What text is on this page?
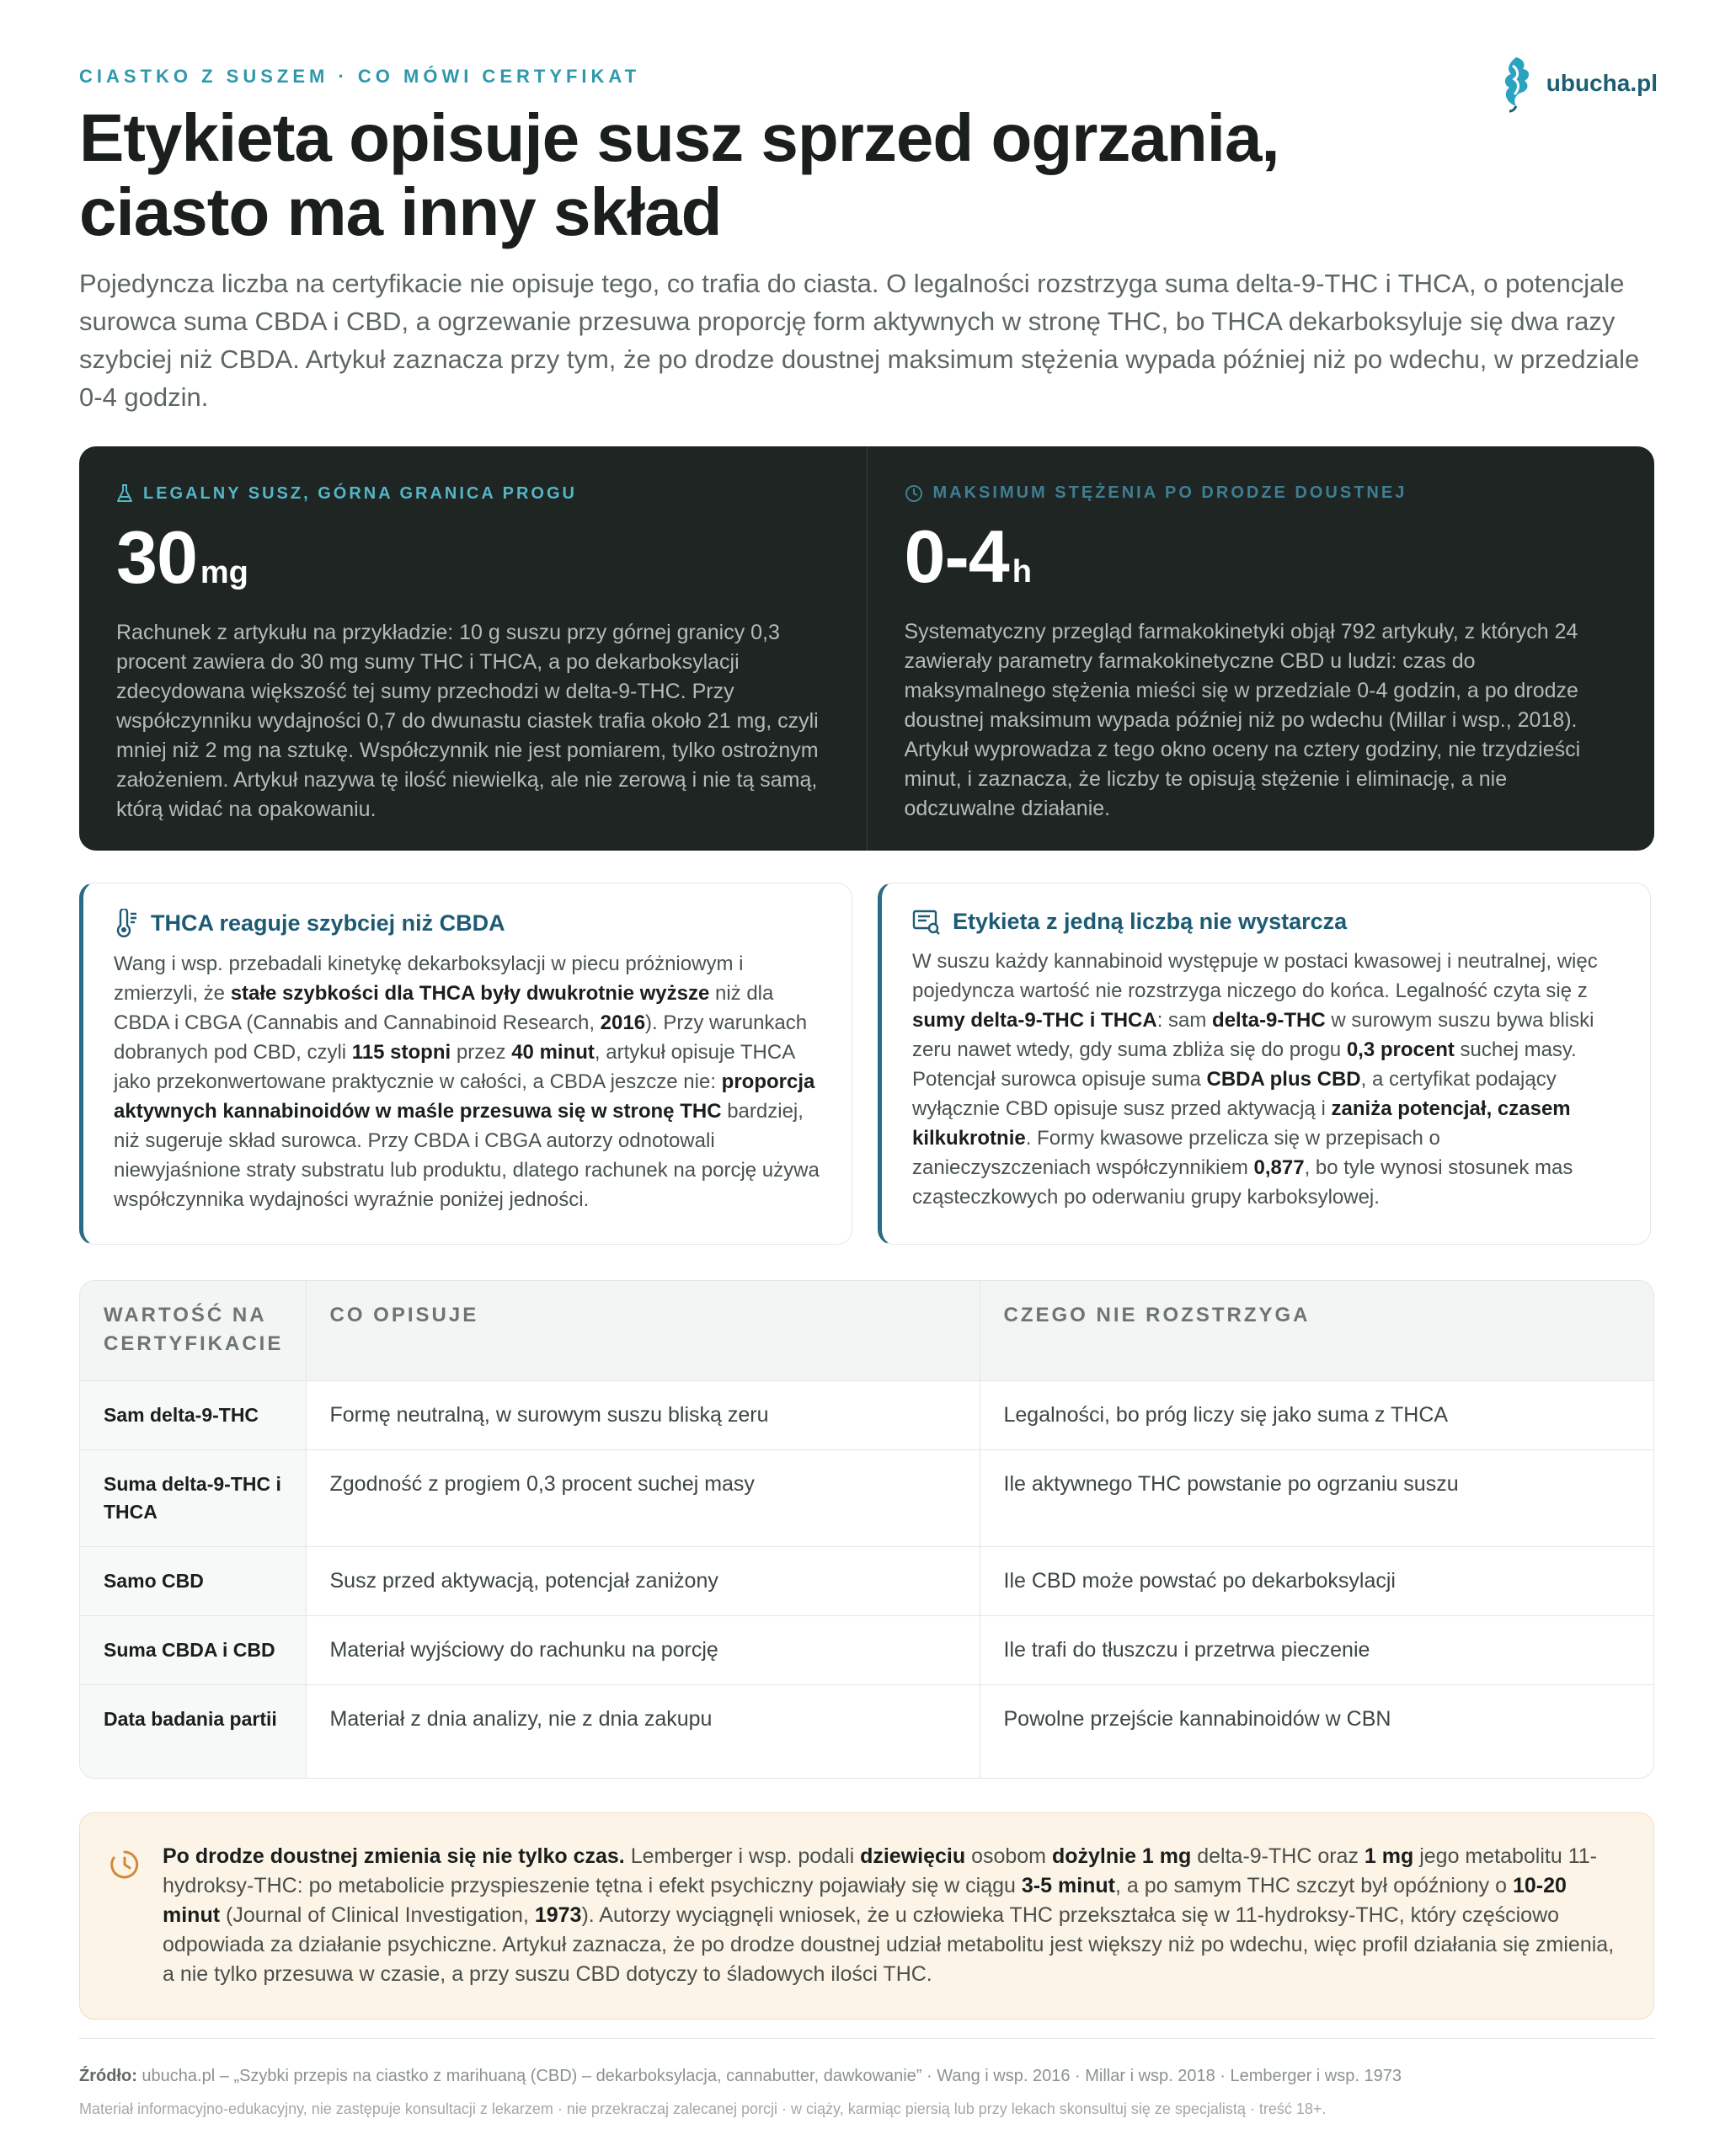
CIASTKO Z SUSZEM · CO MÓWI CERTYFIKAT	ubucha.pl
Etykieta opisuje susz sprzed ogrzania,
ciasto ma inny skład

Pojedyncza liczba na certyfikacie nie opisuje tego, co trafia do ciasta. O legalności rozstrzyga suma delta-9-THC i THCA, o potencjale surowca suma CBDA i CBD, a ogrzewanie przesuwa proporcję form aktywnych w stronę THC, bo THCA dekarboksyluje się dwa razy szybciej niż CBDA. Artykuł zaznacza przy tym, że po drodze doustnej maksimum stężenia wypada później niż po wdechu, w przedziale 0-4 godzin.

LEGALNY SUSZ, GÓRNA GRANICA PROGU
30 mg
Rachunek z artykułu na przykładzie: 10 g suszu przy górnej granicy 0,3 procent zawiera do 30 mg sumy THC i THCA, a po dekarboksylacji zdecydowana większość tej sumy przechodzi w delta-9-THC. Przy współczynniku wydajności 0,7 do dwunastu ciastek trafia około 21 mg, czyli mniej niż 2 mg na sztukę. Współczynnik nie jest pomiarem, tylko ostrożnym założeniem. Artykuł nazywa tę ilość niewielką, ale nie zerową i nie tą samą, którą widać na opakowaniu.
MAKSIMUM STĘŻENIA PO DRODZE DOUSTNEJ
0-4 h
Systematyczny przegląd farmakokinetyki objął 792 artykuły, z których 24 zawierały parametry farmakokinetyczne CBD u ludzi: czas do maksymalnego stężenia mieści się w przedziale 0-4 godzin, a po drodze doustnej maksimum wypada później niż po wdechu (Millar i wsp., 2018). Artykuł wyprowadza z tego okno oceny na cztery godziny, nie trzydzieści minut, i zaznacza, że liczby te opisują stężenie i eliminację, a nie odczuwalne działanie.
THCA reaguje szybciej niż CBDA

Wang i wsp. przebadali kinetykę dekarboksylacji w piecu próżniowym i zmierzyli, że stałe szybkości dla THCA były dwukrotnie wyższe niż dla CBDA i CBGA (Cannabis and Cannabinoid Research, 2016). Przy warunkach dobranych pod CBD, czyli 115 stopni przez 40 minut, artykuł opisuje THCA jako przekonwertowane praktycznie w całości, a CBDA jeszcze nie: proporcja aktywnych kannabinoidów w maśle przesuwa się w stronę THC bardziej, niż sugeruje skład surowca. Przy CBDA i CBGA autorzy odnotowali niewyjaśnione straty substratu lub produktu, dlatego rachunek na porcję używa współczynnika wydajności wyraźnie poniżej jedności.

Etykieta z jedną liczbą nie wystarcza

W suszu każdy kannabinoid występuje w postaci kwasowej i neutralnej, więc pojedyncza wartość nie rozstrzyga niczego do końca. Legalność czyta się z sumy delta-9-THC i THCA: sam delta-9-THC w surowym suszu bywa bliski zeru nawet wtedy, gdy suma zbliża się do progu 0,3 procent suchej masy. Potencjał surowca opisuje suma CBDA plus CBD, a certyfikat podający wyłącznie CBD opisuje susz przed aktywacją i zaniża potencjał, czasem kilkukrotnie. Formy kwasowe przelicza się w przepisach o zanieczyszczeniach współczynnikiem 0,877, bo tyle wynosi stosunek mas cząsteczkowych po oderwaniu grupy karboksylowej.

WARTOŚĆ NA CERTYFIKACIE	CO OPISUJE	CZEGO NIE ROZSTRZYGA
Sam delta-9-THC	Formę neutralną, w surowym suszu bliską zeru	Legalności, bo próg liczy się jako suma z THCA
Suma delta-9-THC i THCA	Zgodność z progiem 0,3 procent suchej masy	Ile aktywnego THC powstanie po ogrzaniu suszu
Samo CBD	Susz przed aktywacją, potencjał zaniżony	Ile CBD może powstać po dekarboksylacji
Suma CBDA i CBD	Materiał wyjściowy do rachunku na porcję	Ile trafi do tłuszczu i przetrwa pieczenie
Data badania partii	Materiał z dnia analizy, nie z dnia zakupu	Powolne przejście kannabinoidów w CBN

Po drodze doustnej zmienia się nie tylko czas. Lemberger i wsp. podali dziewięciu osobom dożylnie 1 mg delta-9-THC oraz 1 mg jego metabolitu 11-hydroksy-THC: po metabolicie przyspieszenie tętna i efekt psychiczny pojawiały się w ciągu 3-5 minut, a po samym THC szczyt był opóźniony o 10-20 minut (Journal of Clinical Investigation, 1973). Autorzy wyciągnęli wniosek, że u człowieka THC przekształca się w 11-hydroksy-THC, który częściowo odpowiada za działanie psychiczne. Artykuł zaznacza, że po drodze doustnej udział metabolitu jest większy niż po wdechu, więc profil działania się zmienia, a nie tylko przesuwa w czasie, a przy suszu CBD dotyczy to śladowych ilości THC.

Źródło: ubucha.pl – „Szybki przepis na ciastko z marihuaną (CBD) – dekarboksylacja, cannabutter, dawkowanie” · Wang i wsp. 2016 · Millar i wsp. 2018 · Lemberger i wsp. 1973
Materiał informacyjno-edukacyjny, nie zastępuje konsultacji z lekarzem · nie przekraczaj zalecanej porcji · w ciąży, karmiąc piersią lub przy lekach skonsultuj się ze specjalistą · treść 18+.
